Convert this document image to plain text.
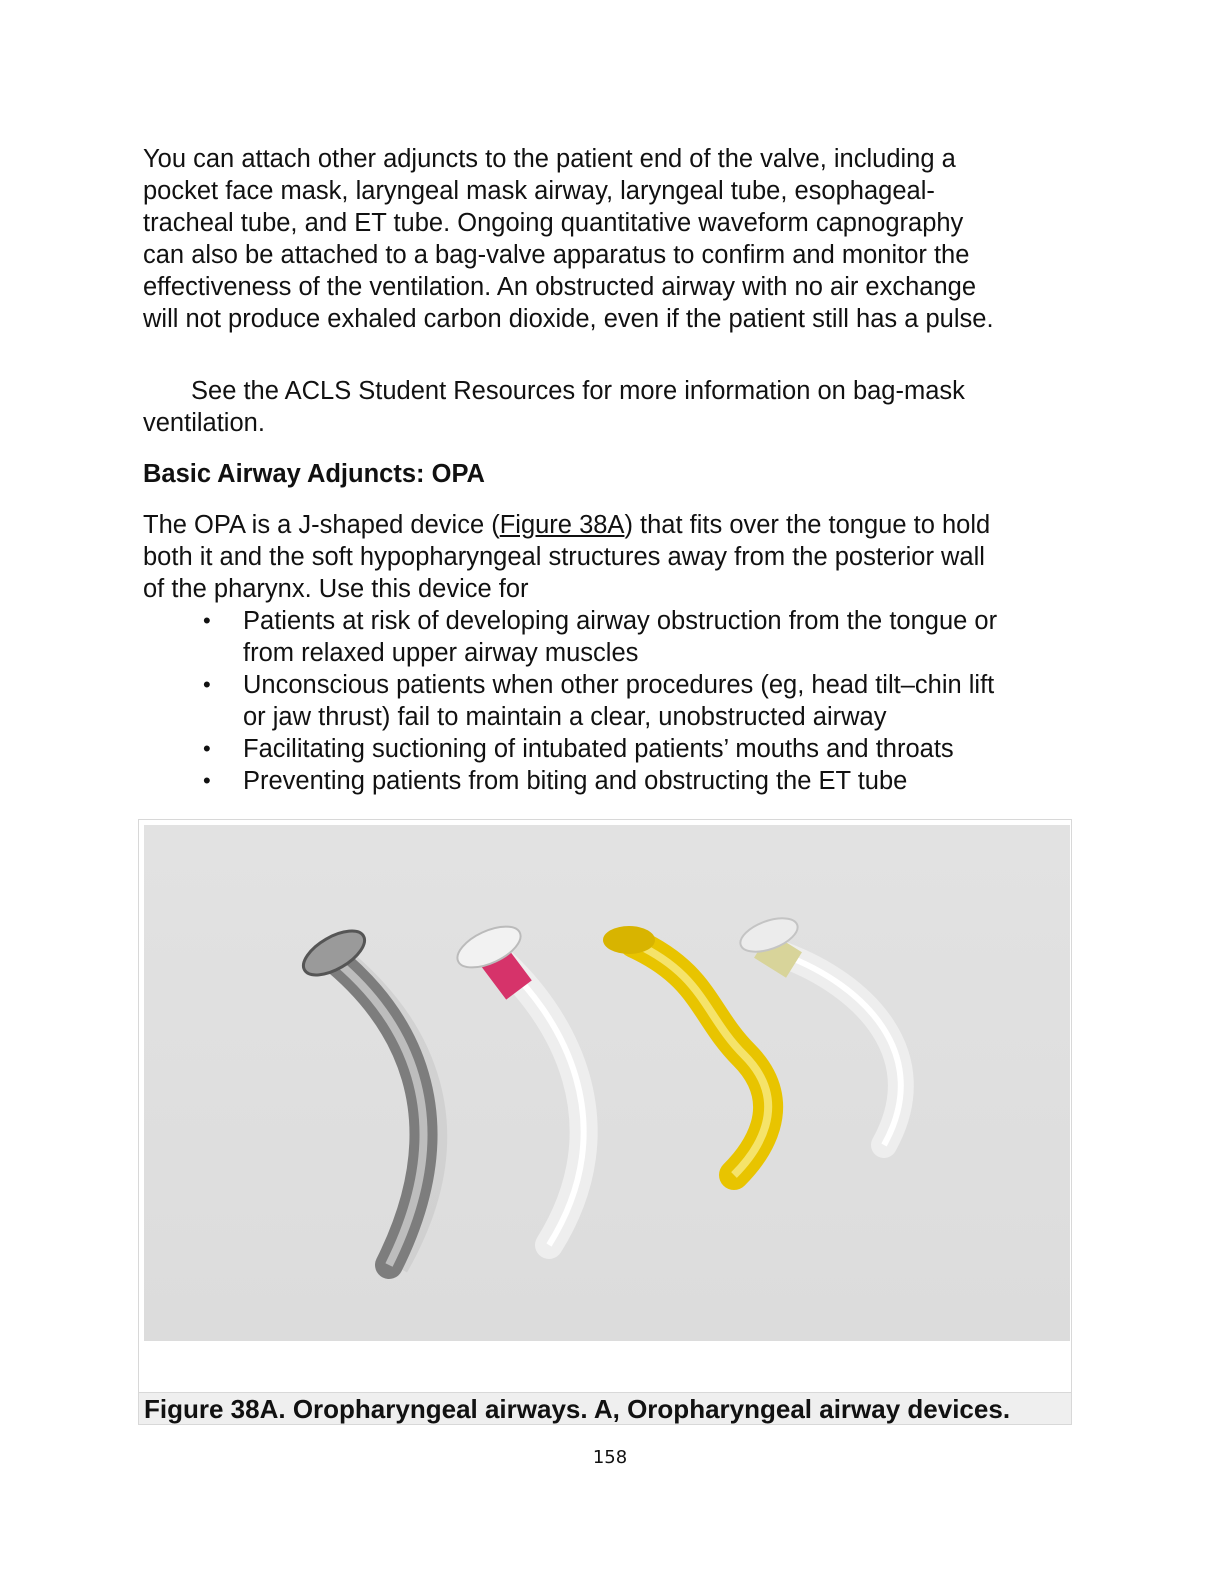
You can attach other adjuncts to the patient end of the valve, including a
pocket face mask, laryngeal mask airway, laryngeal tube, esophageal-
tracheal tube, and ET tube. Ongoing quantitative waveform capnography
can also be attached to a bag-valve apparatus to confirm and monitor the
effectiveness of the ventilation. An obstructed airway with no air exchange
will not produce exhaled carbon dioxide, even if the patient still has a pulse.
See the ACLS Student Resources for more information on bag-mask
ventilation.
Basic Airway Adjuncts: OPA
The OPA is a J-shaped device (Figure 38A) that fits over the tongue to hold
both it and the soft hypopharyngeal structures away from the posterior wall
of the pharynx. Use this device for
• Patients at risk of developing airway obstruction from the tongue or
from relaxed upper airway muscles
• Unconscious patients when other procedures (eg, head tilt–chin lift
or jaw thrust) fail to maintain a clear, unobstructed airway
• Facilitating suctioning of intubated patients’ mouths and throats
• Preventing patients from biting and obstructing the ET tube
Figure 38A. Oropharyngeal airways. A, Oropharyngeal airway devices.
158
